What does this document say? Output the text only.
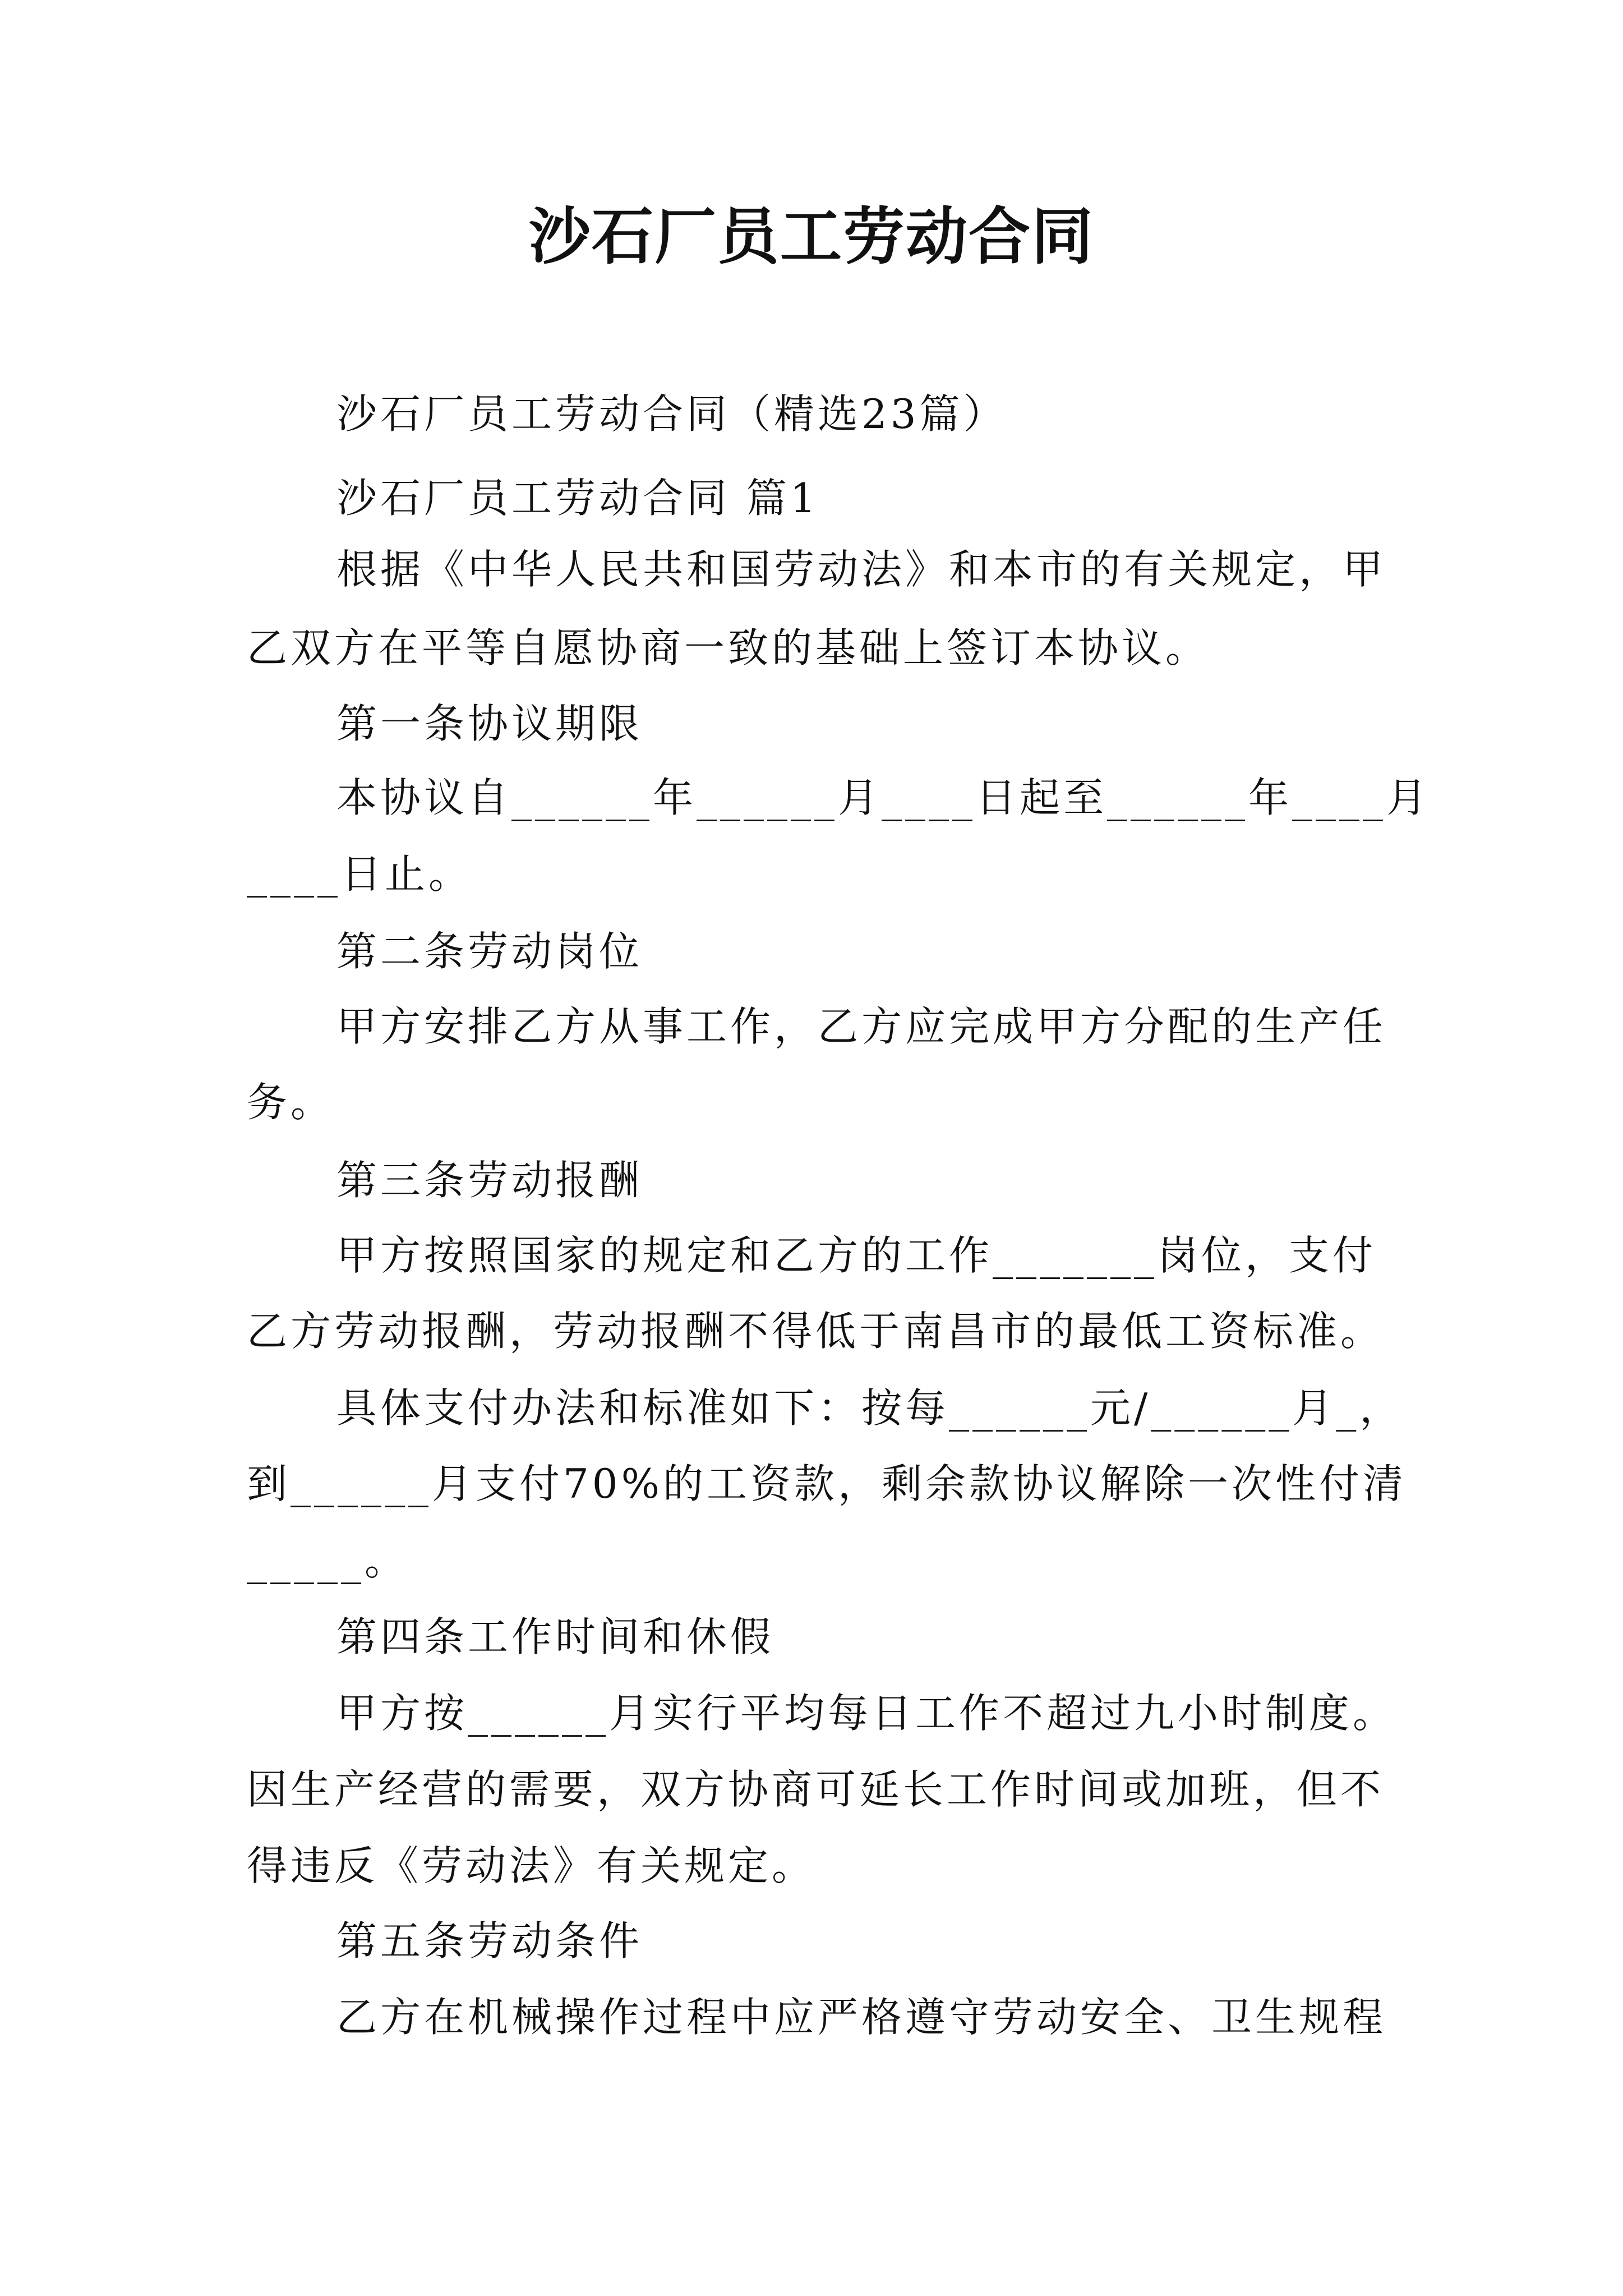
沙石厂员工劳动合同
沙石厂员工劳动合同（精选23篇）
沙石厂员工劳动合同 篇1
根据《中华人民共和国劳动法》和本市的有关规定，甲
乙双方在平等自愿协商一致的基础上签订本协议。
第一条协议期限
本协议自______年______月____日起至______年____月
____日止。
第二条劳动岗位
甲方安排乙方从事工作，乙方应完成甲方分配的生产任
务。
第三条劳动报酬
甲方按照国家的规定和乙方的工作_______岗位，支付
乙方劳动报酬，劳动报酬不得低于南昌市的最低工资标准。
具体支付办法和标准如下：按每______元/______月_，
到______月支付70%的工资款，剩余款协议解除一次性付清
_____。
第四条工作时间和休假
甲方按______月实行平均每日工作不超过九小时制度。
因生产经营的需要，双方协商可延长工作时间或加班，但不
得违反《劳动法》有关规定。
第五条劳动条件
乙方在机械操作过程中应严格遵守劳动安全、卫生规程
